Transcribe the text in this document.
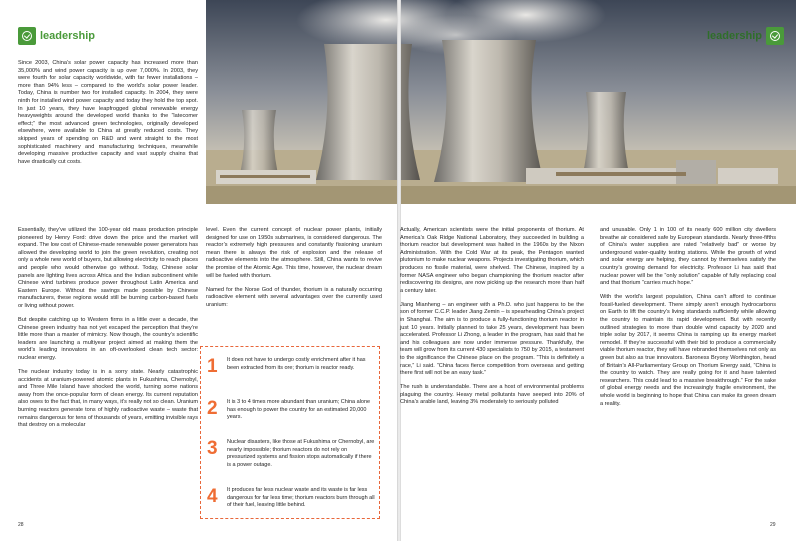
leadership	leadership

Since 2003, China’s solar power capacity has increased more than 35,000% and wind power capacity is up over 7,000%. In 2003, they were fourth for solar capacity worldwide, with far fewer installations – more than 94% less – compared to the world’s solar power leader. Today, China is number two for installed capacity. In 2004, they were ninth for installed wind power capacity and today they hold the top spot. In just 10 years, they have leapfrogged global renewable energy heavyweights around the developed world thanks to the “latecomer effect;” the most advanced green technologies, originally developed elsewhere, were available to China at greatly reduced costs. They skipped years of spending on R&D and went straight to the most sophisticated machinery and manufacturing techniques, meanwhile developing massive productive capacity and vast supply chains that have drastically cut costs.

Essentially, they’ve utilized the 100-year old mass production principle pioneered by Henry Ford: drive down the price and the market will expand. The low cost of Chinese-made renewable power generators has allowed the developing world to join the green revolution, creating not only a whole new world of buyers, but allowing electricity to reach places and people who would otherwise go without. Today, Chinese solar panels are lighting lives across Africa and the Indian subcontinent while Chinese wind turbines produce power throughout Latin America and Eastern Europe. Without the savings made possible by Chinese manufacturers, these regions would still be burning carbon-based fuels or living without power.

But despite catching up to Western firms in a little over a decade, the Chinese green industry has not yet escaped the perception that they’re little more than a master of mimicry. Now though, the country’s scientific leaders are launching a multiyear project aimed at making them the world’s leading innovators in an oft-overlooked clean tech sector: nuclear energy.

The nuclear industry today is in a sorry state. Nearly catastrophic accidents at uranium-powered atomic plants in Fukushima, Chernobyl, and Three Mile Island have shocked the world, turning some nations away from the once-popular form of clean energy. Its current reputation also owes to the fact that, in many ways, it’s really not so clean. Uranium burning reactors generate tons of highly radioactive waste – waste that remains dangerous for tens of thousands of years, emitting invisible rays that destroy on a molecular

level. Even the current concept of nuclear power plants, initially designed for use on 1950s submarines, is considered dangerous. The reactor’s extremely high pressures and constantly fissioning uranium mean there is always the risk of explosion and the release of radioactive elements into the atmosphere. Still, China wants to revive the promise of the Atomic Age. This time, however, the nuclear dream will be fueled with thorium.

Named for the Norse God of thunder, thorium is a naturally occurring radioactive element with several advantages over the currently used uranium:

1	It does not have to undergo costly enrichment after it has been extracted from its ore; thorium is reactor ready.
2	It is 3 to 4 times more abundant than uranium; China alone has enough to power the country for an estimated 20,000 years.
3	Nuclear disasters, like those at Fukushima or Chernobyl, are nearly impossible; thorium reactors do not rely on pressurized systems and fission stops automatically if there is a power outage.
4	It produces far less nuclear waste and its waste is far less dangerous for far less time; thorium reactors burn through all of their fuel, leaving little behind.

Actually, American scientists were the initial proponents of thorium. At America’s Oak Ridge National Laboratory, they succeeded in building a thorium reactor but development was halted in the 1960s by the Nixon Administration. With the Cold War at its peak, the Pentagon wanted plutonium to make nuclear weapons. Projects investigating thorium, which produces no fissile material, were shelved. The Chinese, inspired by a former NASA engineer who began championing the thorium reactor after rediscovering its designs, are now picking up the research more than half a century later.

Jiang Mianheng – an engineer with a Ph.D. who just happens to be the son of former C.C.P. leader Jiang Zemin – is spearheading China’s project in Shanghai. The aim is to produce a fully-functioning thorium reactor in just 10 years. Initially planned to take 25 years, development has been accelerated. Professor Li Zhong, a leader in the program, has said that he and his colleagues are now under immense pressure. Thankfully, the team will grow from its current 430 specialists to 750 by 2015, a testament to the significance the Chinese place on the program. “This is definitely a race,” Li said. “China faces fierce competition from overseas and getting there first will not be an easy task.”

The rush is understandable. There are a host of environmental problems plaguing the country. Heavy metal pollutants have seeped into 20% of China’s arable land, leaving 3% moderately to seriously polluted

and unusable. Only 1 in 100 of its nearly 600 million city dwellers breathe air considered safe by European standards. Nearly three-fifths of China’s water supplies are rated “relatively bad” or worse by underground water-quality testing stations. While the growth of wind and solar energy are helping, they cannot by themselves satisfy the country’s growing demand for electricity. Professor Li has said that nuclear power will be the “only solution” capable of fully replacing coal and that thorium “carries much hope.”

With the world’s largest population, China can’t afford to continue fossil-fueled development. There simply aren’t enough hydrocarbons on Earth to lift the country’s living standards sufficiently while allowing the country to maintain its rapid development. But with recently outlined strategies to more than double wind capacity by 2020 and triple solar by 2017, it seems China is ramping up its energy market remodel. If they’re successful with their bid to produce a commercially viable thorium reactor, they will have rebranded themselves not only as green but also as true innovators. Baroness Bryony Worthington, head of Britain’s All-Parliamentary Group on Thorium Energy said, “China is the country to watch. They are really going for it and have talented researchers. This could lead to a massive breakthrough.” For the sake of global energy needs and the increasingly fragile environment, the whole world is beginning to hope that China can make its green dream a reality.

28	29
